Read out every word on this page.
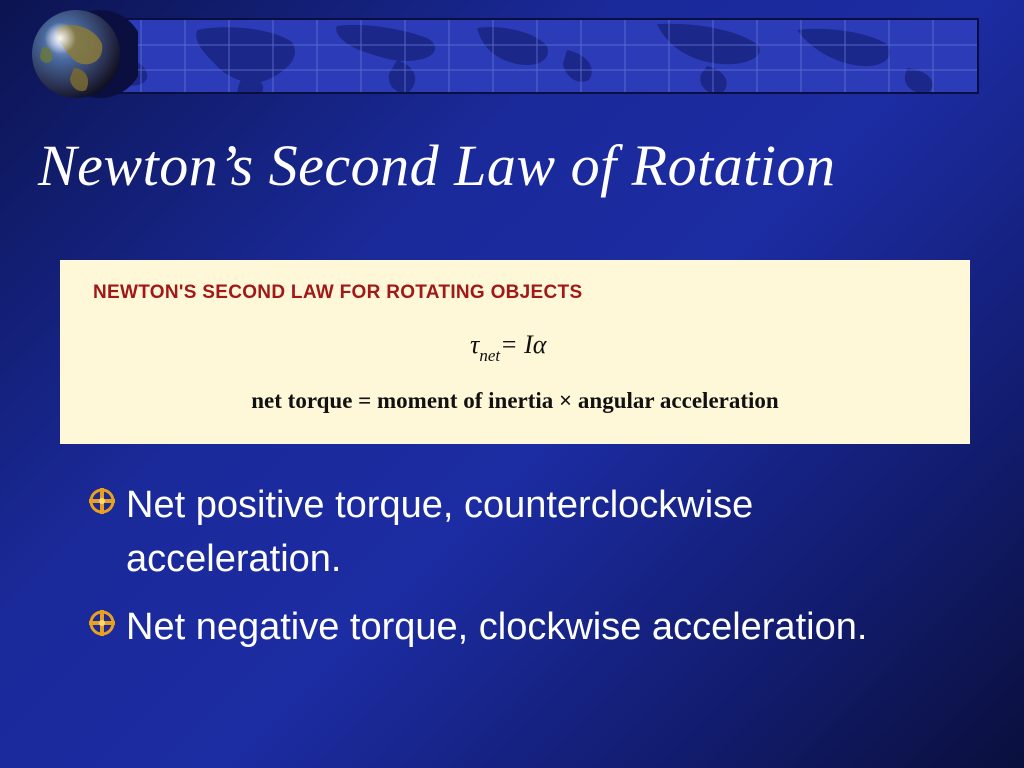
Newton’s Second Law of Rotation
NEWTON'S SECOND LAW FOR ROTATING OBJECTS
$\tau_{net}= I\alpha$
net torque = moment of inertia × angular acceleration
Net positive torque, counterclockwise acceleration.
Net negative torque, clockwise acceleration.
